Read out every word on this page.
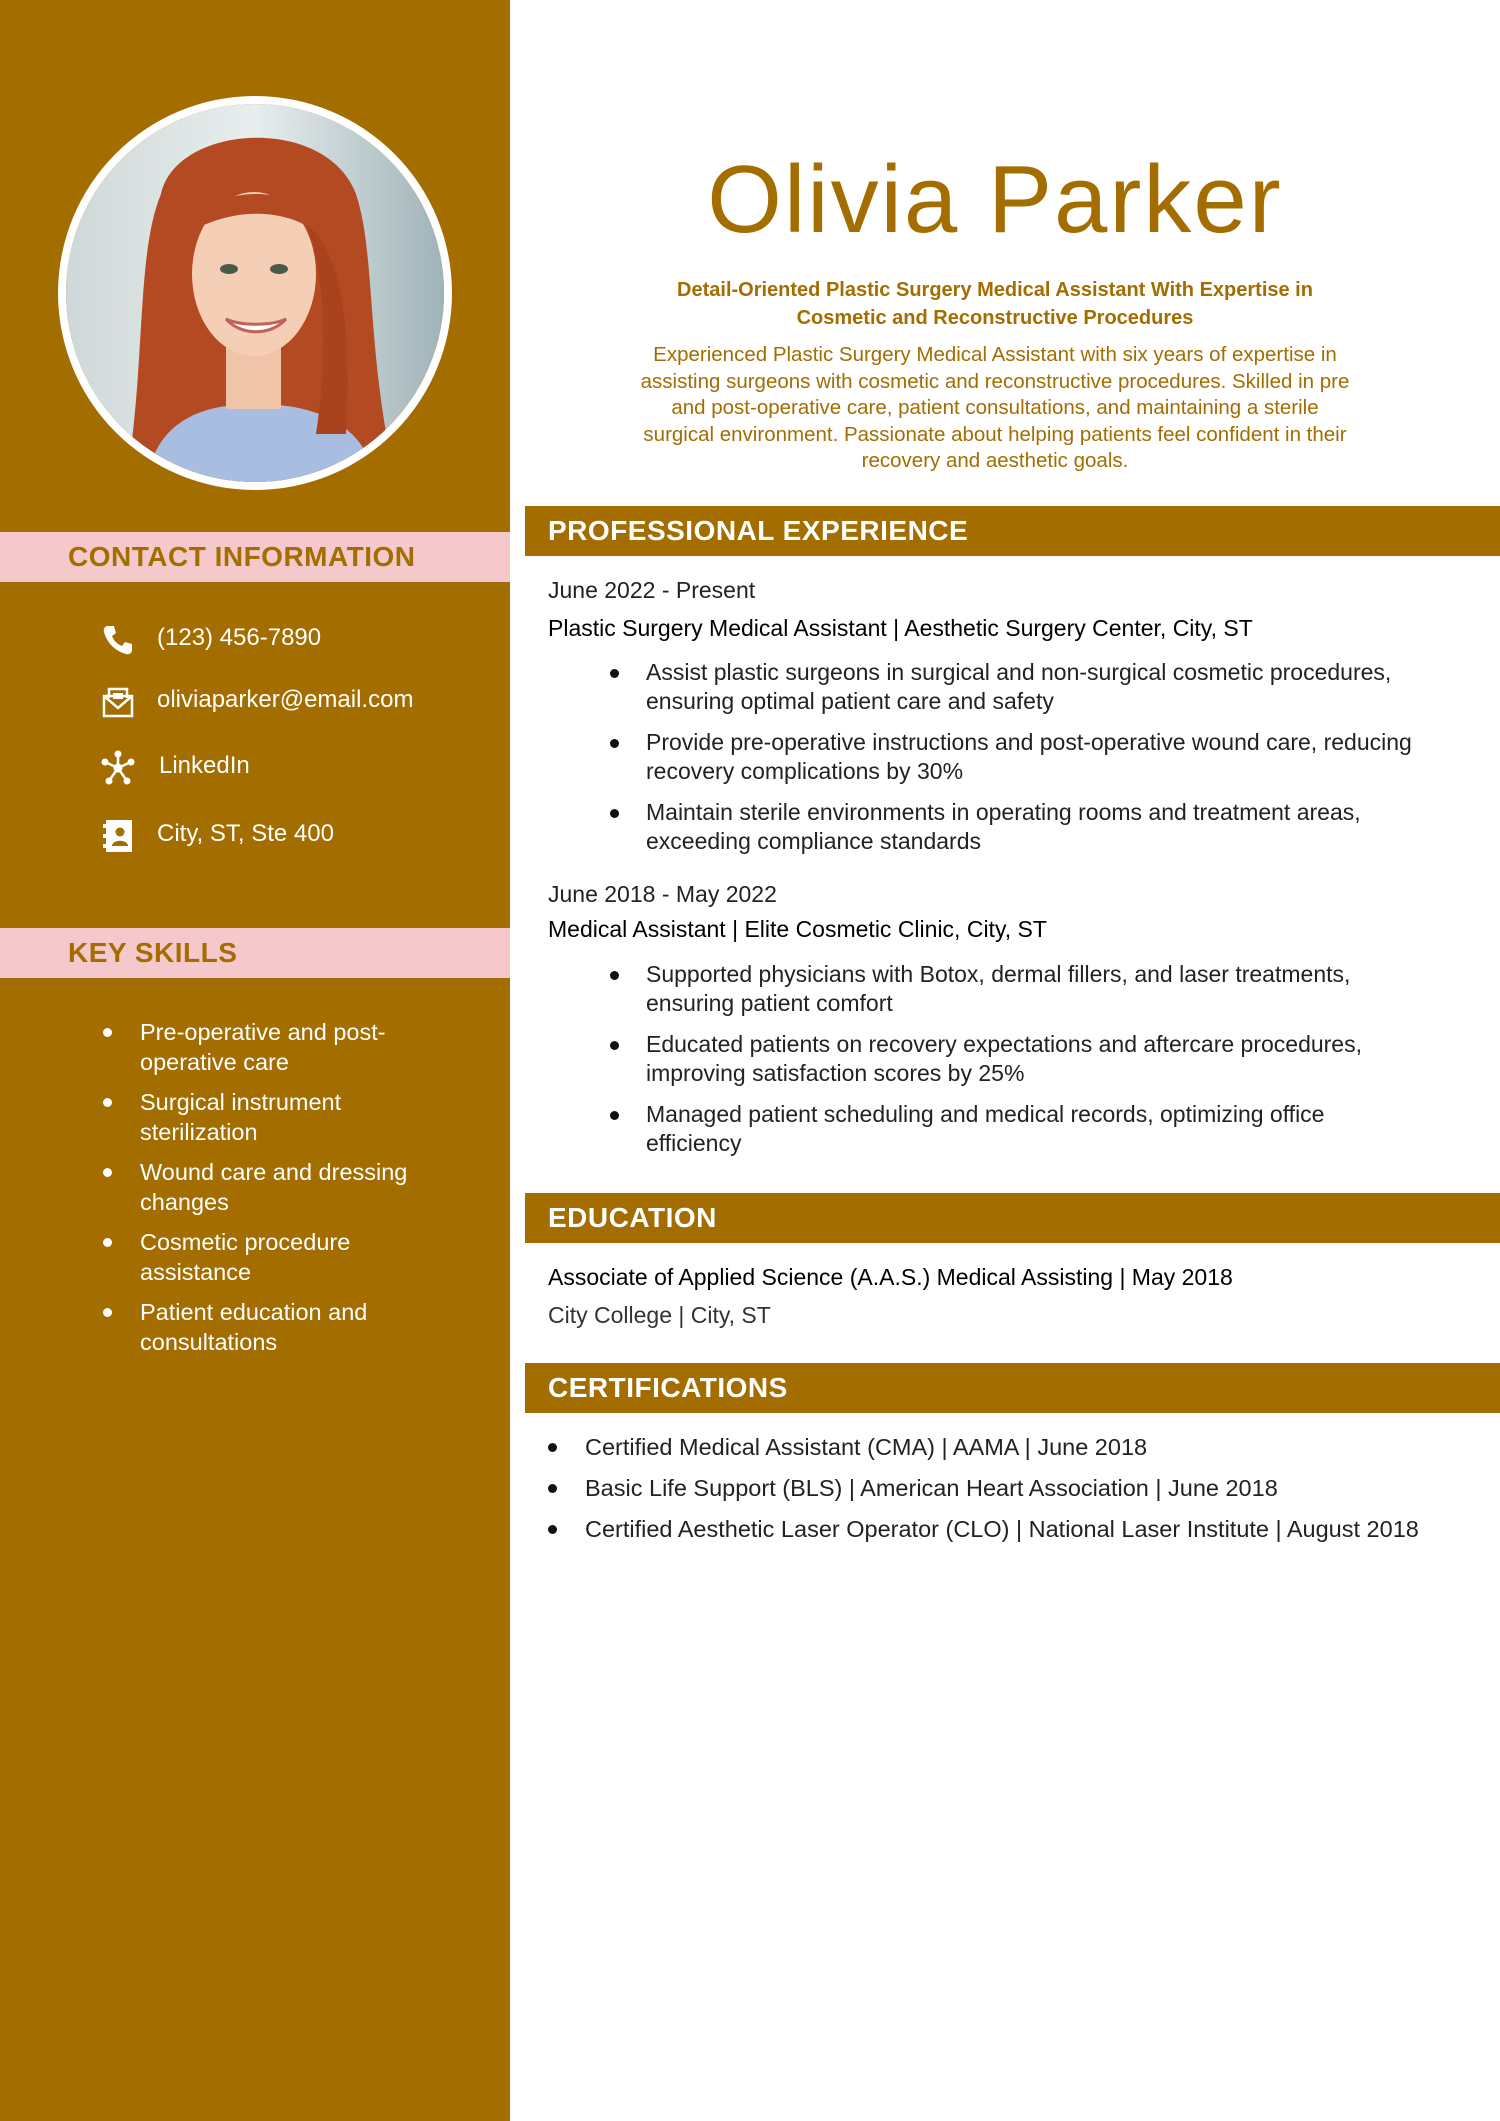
CONTACT INFORMATION
(123) 456-7890
oliviaparker@email.com
LinkedIn
City, ST, Ste 400
KEY SKILLS
Pre-operative and post-
operative care
Surgical instrument
sterilization
Wound care and dressing
changes
Cosmetic procedure
assistance
Patient education and
consultations
Olivia Parker
Detail-Oriented Plastic Surgery Medical Assistant With Expertise in
Cosmetic and Reconstructive Procedures
Experienced Plastic Surgery Medical Assistant with six years of expertise in
assisting surgeons with cosmetic and reconstructive procedures. Skilled in pre
and post-operative care, patient consultations, and maintaining a sterile
surgical environment. Passionate about helping patients feel confident in their
recovery and aesthetic goals.
PROFESSIONAL EXPERIENCE
June 2022 - Present
Plastic Surgery Medical Assistant | Aesthetic Surgery Center, City, ST
Assist plastic surgeons in surgical and non-surgical cosmetic procedures,
ensuring optimal patient care and safety
Provide pre-operative instructions and post-operative wound care, reducing
recovery complications by 30%
Maintain sterile environments in operating rooms and treatment areas,
exceeding compliance standards
June 2018 - May 2022
Medical Assistant | Elite Cosmetic Clinic, City, ST
Supported physicians with Botox, dermal fillers, and laser treatments,
ensuring patient comfort
Educated patients on recovery expectations and aftercare procedures,
improving satisfaction scores by 25%
Managed patient scheduling and medical records, optimizing office
efficiency
EDUCATION
Associate of Applied Science (A.A.S.) Medical Assisting | May 2018
City College | City, ST
CERTIFICATIONS
Certified Medical Assistant (CMA) | AAMA | June 2018
Basic Life Support (BLS) | American Heart Association | June 2018
Certified Aesthetic Laser Operator (CLO) | National Laser Institute | August 2018
